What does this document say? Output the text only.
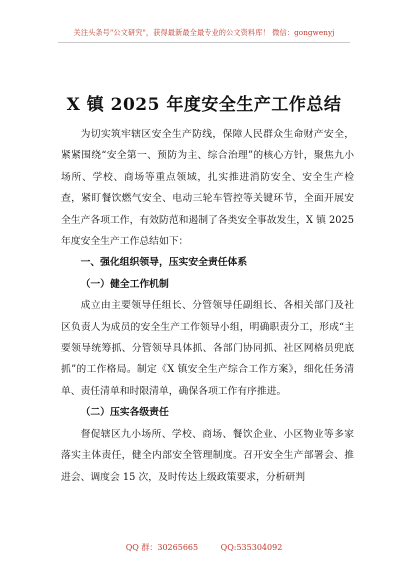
关注头条号"公文研究"，获得最新最全最专业的公文资料库！ 微信：gongwenyj
X 镇 2025 年度安全生产工作总结

为切实筑牢辖区安全生产防线，保障人民群众生命财产安全，紧紧围绕“安全第一、预防为主、综合治理”的核心方针，聚焦九小场所、学校、商场等重点领域，扎实推进消防安全、安全生产检查，紧盯餐饮燃气安全、电动三轮车管控等关键环节，全面开展安全生产各项工作，有效防范和遏制了各类安全事故发生，X 镇 2025 年度安全生产工作总结如下：

一、强化组织领导，压实安全责任体系

（一）健全工作机制

成立由主要领导任组长、分管领导任副组长、各相关部门及社区负责人为成员的安全生产工作领导小组，明确职责分工，形成“主要领导统筹抓、分管领导具体抓、各部门协同抓、社区网格员兜底抓”的工作格局。制定《X 镇安全生产综合工作方案》，细化任务清单、责任清单和时限清单，确保各项工作有序推进。

（二）压实各级责任

督促辖区九小场所、学校、商场、餐饮企业、小区物业等多家落实主体责任，健全内部安全管理制度。召开安全生产部署会、推进会、调度会 15 次，及时传达上级政策要求，分析研判

QQ 群：30265665	QQ:535304092
